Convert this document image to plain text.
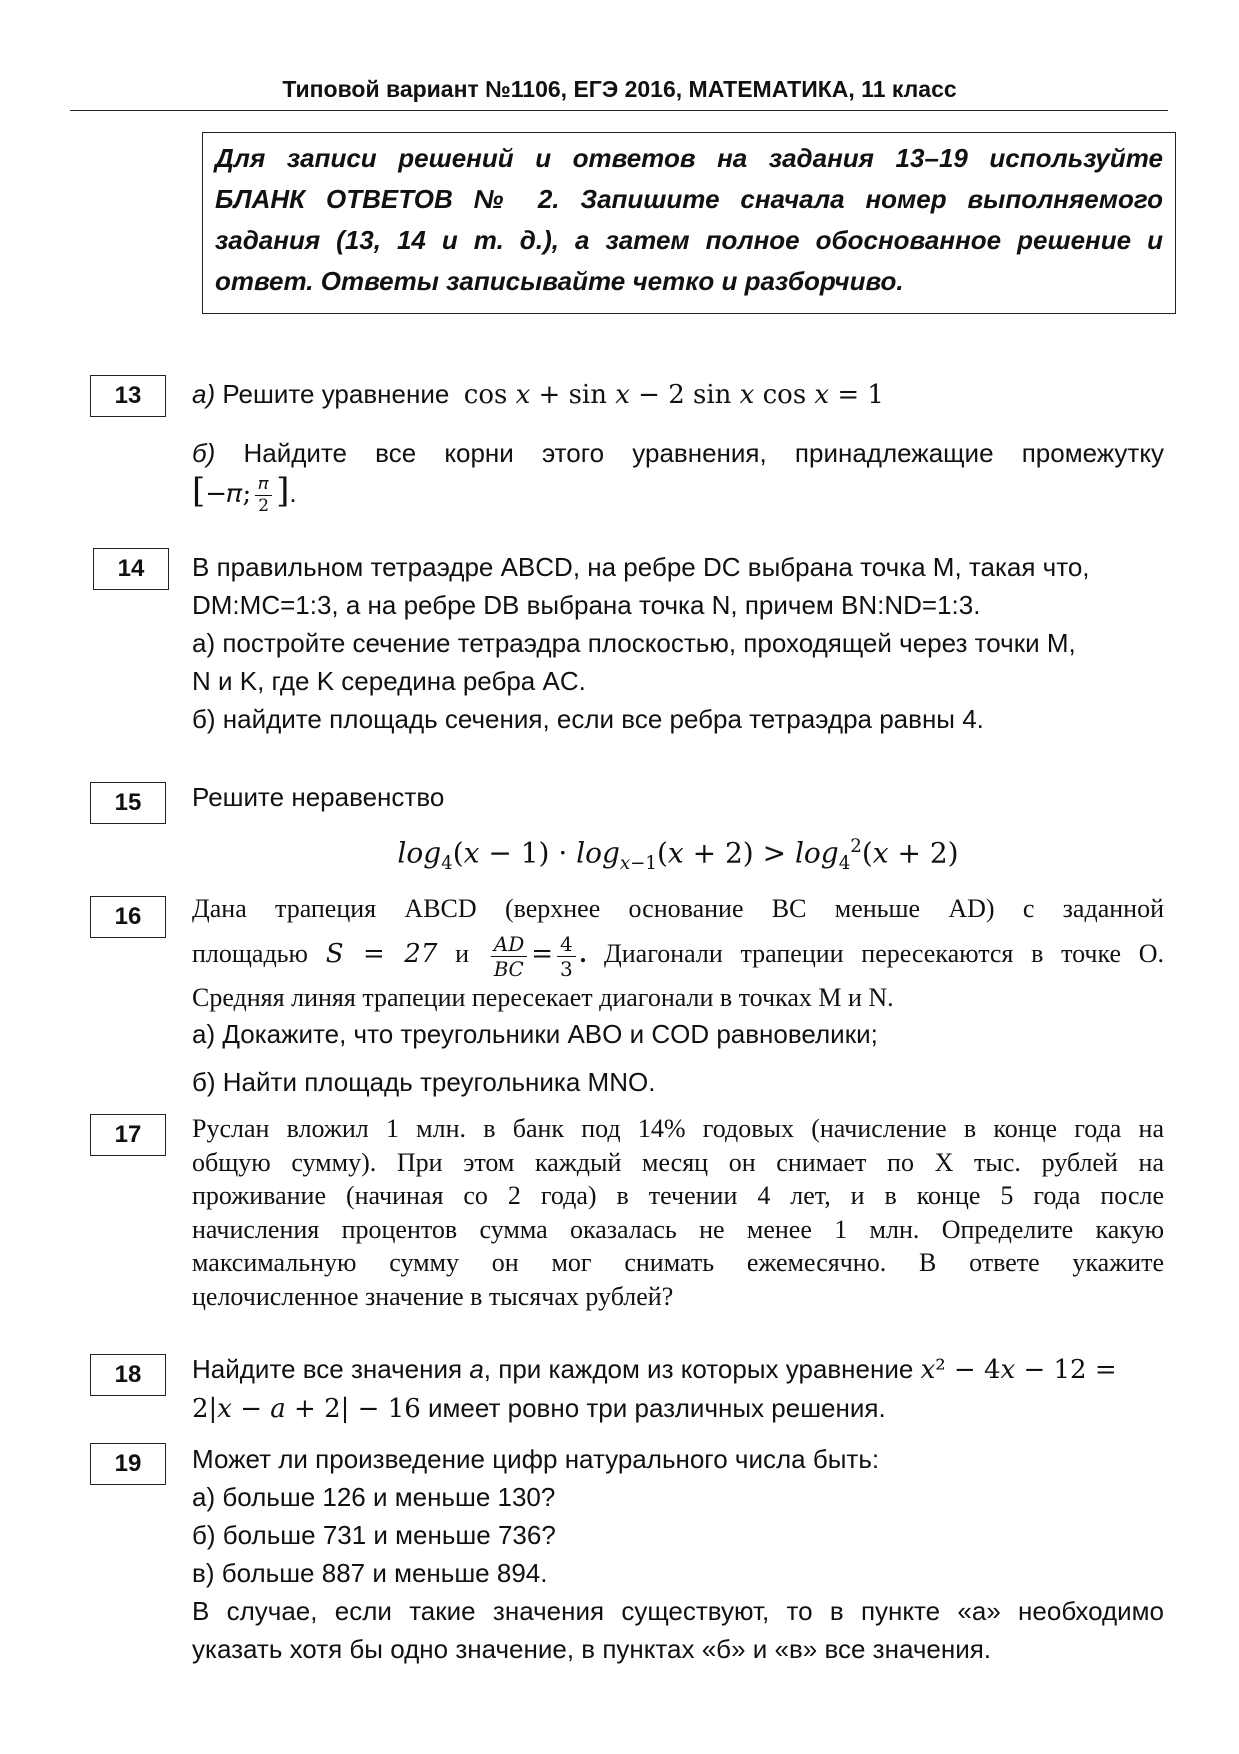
Типовой вариант №1106, ЕГЭ 2016, МАТЕМАТИКА, 11 класс
Для записи решений и ответов на задания 13–19 используйте
БЛАНК ОТВЕТОВ № 2. Запишите сначала номер выполняемого
задания (13, 14 и т. д.), а затем полное обоснованное решение и
ответ. Ответы записывайте четко и разборчиво.
13	а) Решите уравнение cos 𝑥 + sin 𝑥 − 2 sin 𝑥 cos 𝑥 = 1
б) Найдите все корни этого уравнения, принадлежащие промежутку
[−𝜋; $\frac{\text{𝜋}}{2}$ ].
14	В правильном тетраэдре ABCD, на ребре DC выбрана точка M, такая что,
DM:MC=1:3, а на ребре DB выбрана точка N, причем BN:ND=1:3.
а) постройте сечение тетраэдра плоскостью, проходящей через точки M,
N и K, где K середина ребра AC.
б) найдите площадь сечения, если все ребра тетраэдра равны 4.
15	Решите неравенство
𝑙𝑜𝑔$_4$(𝑥 − 1) · 𝑙𝑜𝑔$_{𝑥-1}$(𝑥 + 2) > 𝑙𝑜𝑔$_4^2$(𝑥 + 2)
16	Дана трапеция ABCD (верхнее основание BC меньше AD) с заданной
площадью 𝑆 = 27 и $\frac{\text{𝐴𝐷}}{\text{𝐵𝐶}} = \frac{4}{3}$ . Диагонали трапеции пересекаются в точке O.
Средняя линяя трапеции пересекает диагонали в точках M и N.
а) Докажите, что треугольники ABO и COD равновелики;
б) Найти площадь треугольника MNO.
17	Руслан вложил 1 млн. в банк под 14% годовых (начисление в конце года на
общую сумму). При этом каждый месяц он снимает по X тыс. рублей на
проживание (начиная со 2 года) в течении 4 лет, и в конце 5 года после
начисления процентов сумма оказалась не менее 1 млн. Определите какую
максимальную сумму он мог снимать ежемесячно. В ответе укажите
целочисленное значение в тысячах рублей?
18	Найдите все значения а, при каждом из которых уравнение 𝑥² − 4𝑥 − 12 =
2|𝑥 − 𝑎 + 2| − 16 имеет ровно три различных решения.
19	Может ли произведение цифр натурального числа быть:
а) больше 126 и меньше 130?
б) больше 731 и меньше 736?
в) больше 887 и меньше 894.
В случае, если такие значения существуют, то в пункте «а» необходимо
указать хотя бы одно значение, в пунктах «б» и «в» все значения.
